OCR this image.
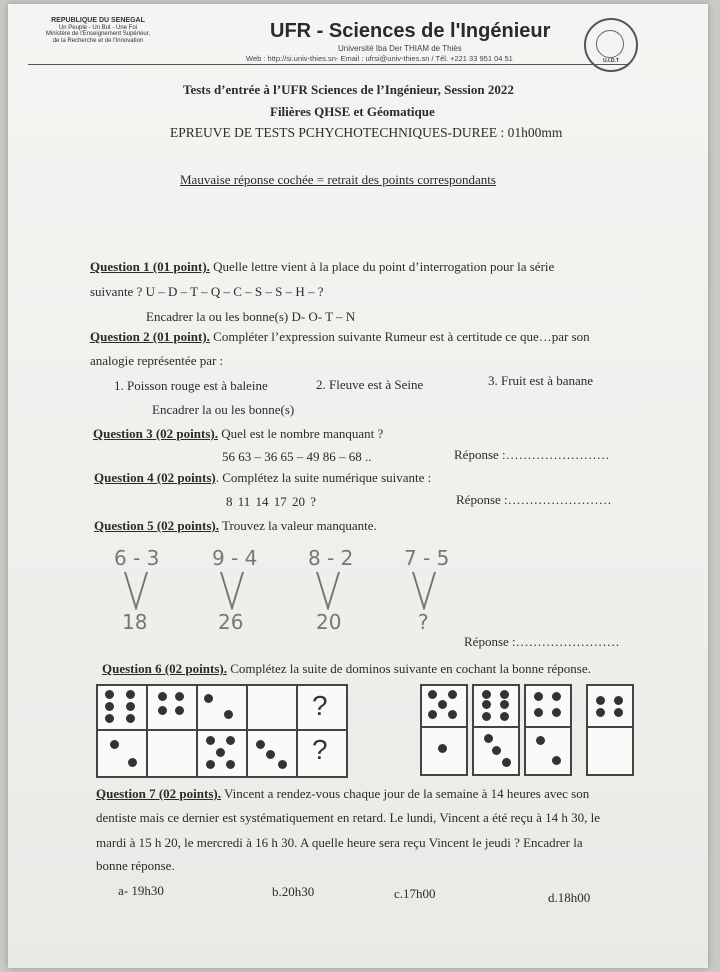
REPUBLIQUE DU SENEGAL
Un Peuple - Un But - Une Foi
Ministère de l'Enseignement Supérieur,
de la Recherche et de l'Innovation	UFR - Sciences de l'Ingénieur
Université Iba Der THIAM de Thiès
Web : http://si.univ-thies.sn- Email : ufrsi@univ-thies.sn / Tél. +221 33 951 04 51	U.I.D.T
Tests d’entrée à l’UFR Sciences de l’Ingénieur, Session 2022
Filières QHSE et Géomatique
EPREUVE DE TESTS PCHYCHOTECHNIQUES-DUREE : 01h00mm
Mauvaise réponse cochée = retrait des points correspondants
Question 1 (01 point). Quelle lettre vient à la place du point d’interrogation pour la série
suivante ? U – D – T – Q – C – S – S – H – ?
Encadrer la ou les bonne(s) D- O- T – N
Question 2 (01 point). Compléter l’expression suivante Rumeur est à certitude ce que…par son
analogie représentée par :
1. Poisson rouge est à baleine	2. Fleuve est à Seine	3. Fruit est à banane
Encadrer la ou les bonne(s)
Question 3 (02 points). Quel est le nombre manquant ?
56 63 – 36 65 – 49 86 – 68 ..	Réponse :……………………
Question 4 (02 points). Complétez la suite numérique suivante :
8 11 14 17 20 ?	Réponse :……………………
Question 5 (02 points). Trouvez la valeur manquante.
6 - 3
18
9 - 4
26
8 - 2
20
7 - 5
?
Réponse :……………………
Question 6 (02 points). Complétez la suite de dominos suivante en cochant la bonne réponse.
?
?
Question 7 (02 points). Vincent a rendez-vous chaque jour de la semaine à 14 heures avec son
dentiste mais ce dernier est systématiquement en retard. Le lundi, Vincent a été reçu à 14 h 30, le
mardi à 15 h 20, le mercredi à 16 h 30. A quelle heure sera reçu Vincent le jeudi ? Encadrer la
bonne réponse.
a- 19h30	b.20h30	c.17h00	d.18h00
